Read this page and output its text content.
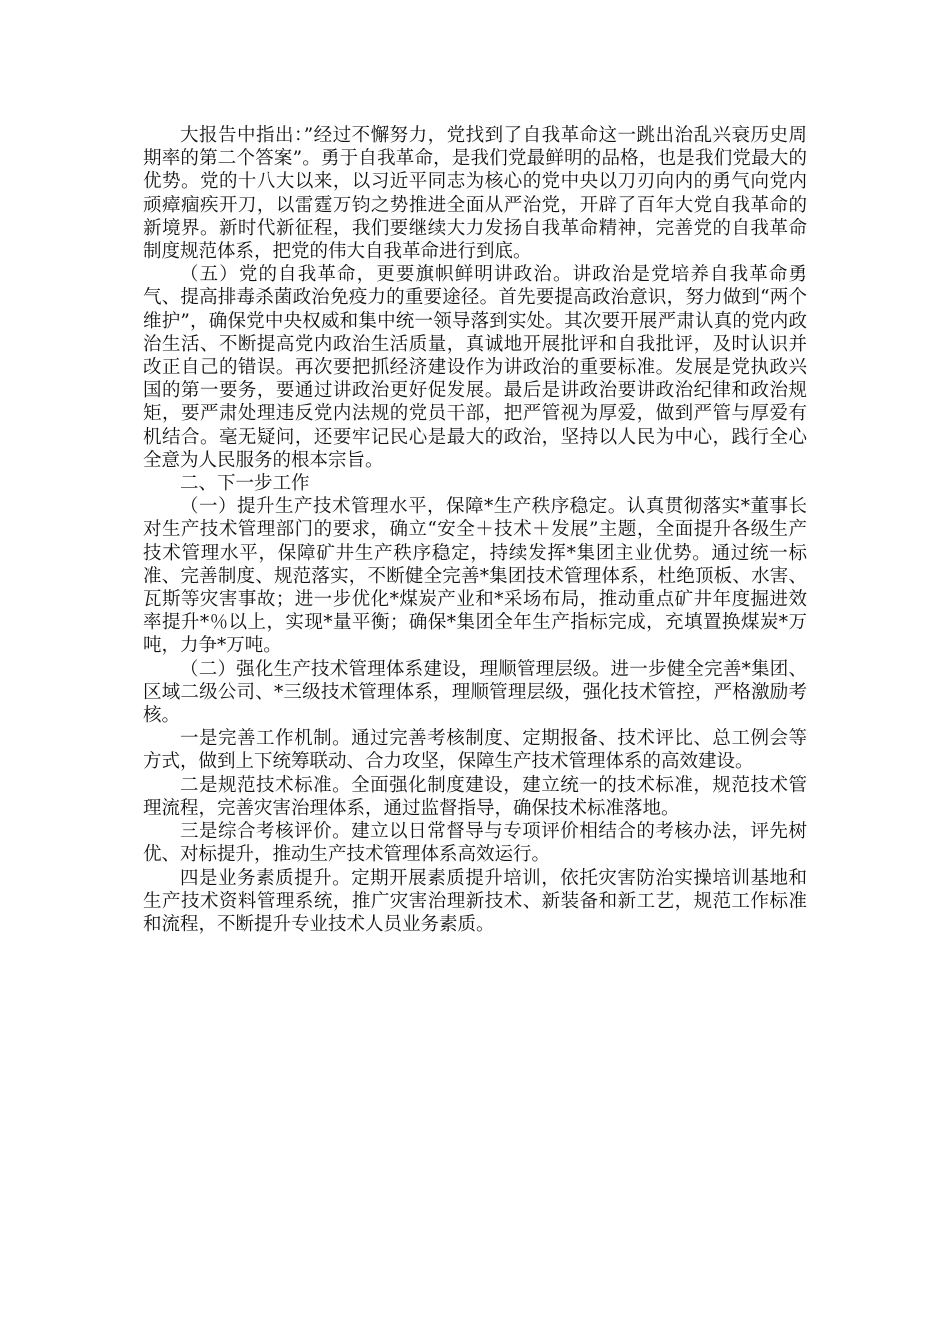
大报告中指出：”经过不懈努力，党找到了自我革命这一跳出治乱兴衰历史周期率的第二个答案”。勇于自我革命，是我们党最鲜明的品格，也是我们党最大的优势。党的十八大以来，以习近平同志为核心的党中央以刀刃向内的勇气向党内顽瘴痼疾开刀，以雷霆万钧之势推进全面从严治党，开辟了百年大党自我革命的新境界。新时代新征程，我们要继续大力发扬自我革命精神，完善党的自我革命制度规范体系，把党的伟大自我革命进行到底。

（五）党的自我革命，更要旗帜鲜明讲政治。讲政治是党培养自我革命勇气、提高排毒杀菌政治免疫力的重要途径。首先要提高政治意识，努力做到“两个维护”，确保党中央权威和集中统一领导落到实处。其次要开展严肃认真的党内政治生活、不断提高党内政治生活质量，真诚地开展批评和自我批评，及时认识并改正自己的错误。再次要把抓经济建设作为讲政治的重要标准。发展是党执政兴国的第一要务，要通过讲政治更好促发展。最后是讲政治要讲政治纪律和政治规矩，要严肃处理违反党内法规的党员干部，把严管视为厚爱，做到严管与厚爱有机结合。毫无疑问，还要牢记民心是最大的政治，坚持以人民为中心，践行全心全意为人民服务的根本宗旨。

二、下一步工作

（一）提升生产技术管理水平，保障*生产秩序稳定。认真贯彻落实*董事长对生产技术管理部门的要求，确立“安全＋技术＋发展”主题，全面提升各级生产技术管理水平，保障矿井生产秩序稳定，持续发挥*集团主业优势。通过统一标准、完善制度、规范落实，不断健全完善*集团技术管理体系，杜绝顶板、水害、瓦斯等灾害事故；进一步优化*煤炭产业和*采场布局，推动重点矿井年度掘进效率提升*％以上，实现*量平衡；确保*集团全年生产指标完成，充填置换煤炭*万吨，力争*万吨。

（二）强化生产技术管理体系建设，理顺管理层级。进一步健全完善*集团、区域二级公司、*三级技术管理体系，理顺管理层级，强化技术管控，严格激励考核。

一是完善工作机制。通过完善考核制度、定期报备、技术评比、总工例会等方式，做到上下统筹联动、合力攻坚，保障生产技术管理体系的高效建设。

二是规范技术标准。全面强化制度建设，建立统一的技术标准，规范技术管理流程，完善灾害治理体系，通过监督指导，确保技术标准落地。

三是综合考核评价。建立以日常督导与专项评价相结合的考核办法，评先树优、对标提升，推动生产技术管理体系高效运行。

四是业务素质提升。定期开展素质提升培训，依托灾害防治实操培训基地和生产技术资料管理系统，推广灾害治理新技术、新装备和新工艺，规范工作标准和流程，不断提升专业技术人员业务素质。
